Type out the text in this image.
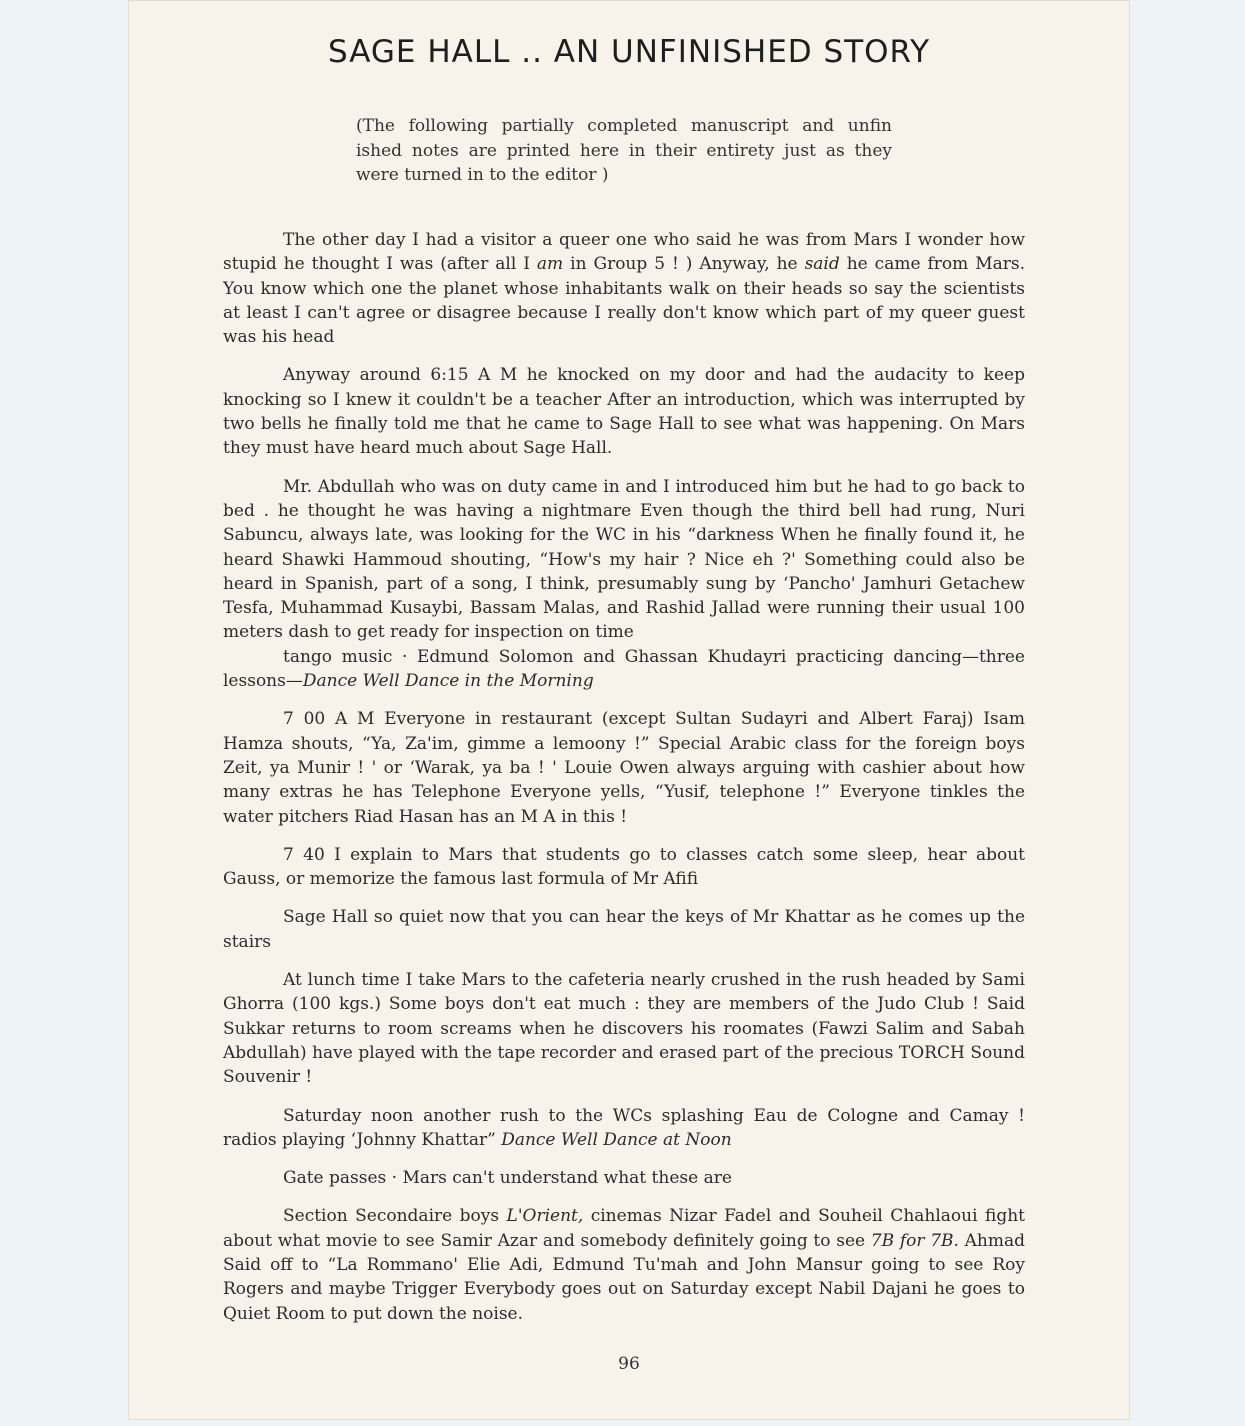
SAGE HALL .. AN UNFINISHED STORY
(The following partially completed manuscript and unfin ished notes are printed here in their entirety just as they were turned in to the editor )

The other day I had a visitor a queer one who said he was from Mars I wonder how stupid he thought I was (after all I am in Group 5 ! ) Anyway, he said he came from Mars. You know which one the planet whose inhabitants walk on their heads so say the scientists at least I can't agree or disagree because I really don't know which part of my queer guest was his head

Anyway around 6:15 A M he knocked on my door and had the audacity to keep knocking so I knew it couldn't be a teacher After an introduction, which was interrupted by two bells he finally told me that he came to Sage Hall to see what was happening. On Mars they must have heard much about Sage Hall.

Mr. Abdullah who was on duty came in and I introduced him but he had to go back to bed . he thought he was having a nightmare Even though the third bell had rung, Nuri Sabuncu, always late, was looking for the WC in his “darkness When he finally found it, he heard Shawki Hammoud shouting, “How's my hair ? Nice eh ?' Something could also be heard in Spanish, part of a song, I think, presumably sung by ‘Pancho' Jamhuri Getachew Tesfa, Muhammad Kusaybi, Bassam Malas, and Rashid Jallad were running their usual 100 meters dash to get ready for inspection on time

tango music · Edmund Solomon and Ghassan Khudayri practicing dancing—three lessons—Dance Well Dance in the Morning

7 00 A M Everyone in restaurant (except Sultan Sudayri and Albert Faraj) Isam Hamza shouts, “Ya, Za'im, gimme a lemoony !” Special Arabic class for the foreign boys Zeit, ya Munir ! ' or ‘Warak, ya ba ! ' Louie Owen always arguing with cashier about how many extras he has Telephone Everyone yells, “Yusif, telephone !” Everyone tinkles the water pitchers Riad Hasan has an M A in this !

7 40 I explain to Mars that students go to classes catch some sleep, hear about Gauss, or memorize the famous last formula of Mr Afifi

Sage Hall so quiet now that you can hear the keys of Mr Khattar as he comes up the stairs

At lunch time I take Mars to the cafeteria nearly crushed in the rush headed by Sami Ghorra (100 kgs.) Some boys don't eat much : they are members of the Judo Club ! Said Sukkar returns to room screams when he discovers his roomates (Fawzi Salim and Sabah Abdullah) have played with the tape recorder and erased part of the precious TORCH Sound Souvenir !

Saturday noon another rush to the WCs splashing Eau de Cologne and Camay ! radios playing ‘Johnny Khattar” Dance Well Dance at Noon

Gate passes · Mars can't understand what these are

Section Secondaire boys L'Orient, cinemas Nizar Fadel and Souheil Chahlaoui fight about what movie to see Samir Azar and somebody definitely going to see 7B for 7B. Ahmad Said off to “La Rommano' Elie Adi, Edmund Tu'mah and John Mansur going to see Roy Rogers and maybe Trigger Everybody goes out on Saturday except Nabil Dajani he goes to Quiet Room to put down the noise.

96
